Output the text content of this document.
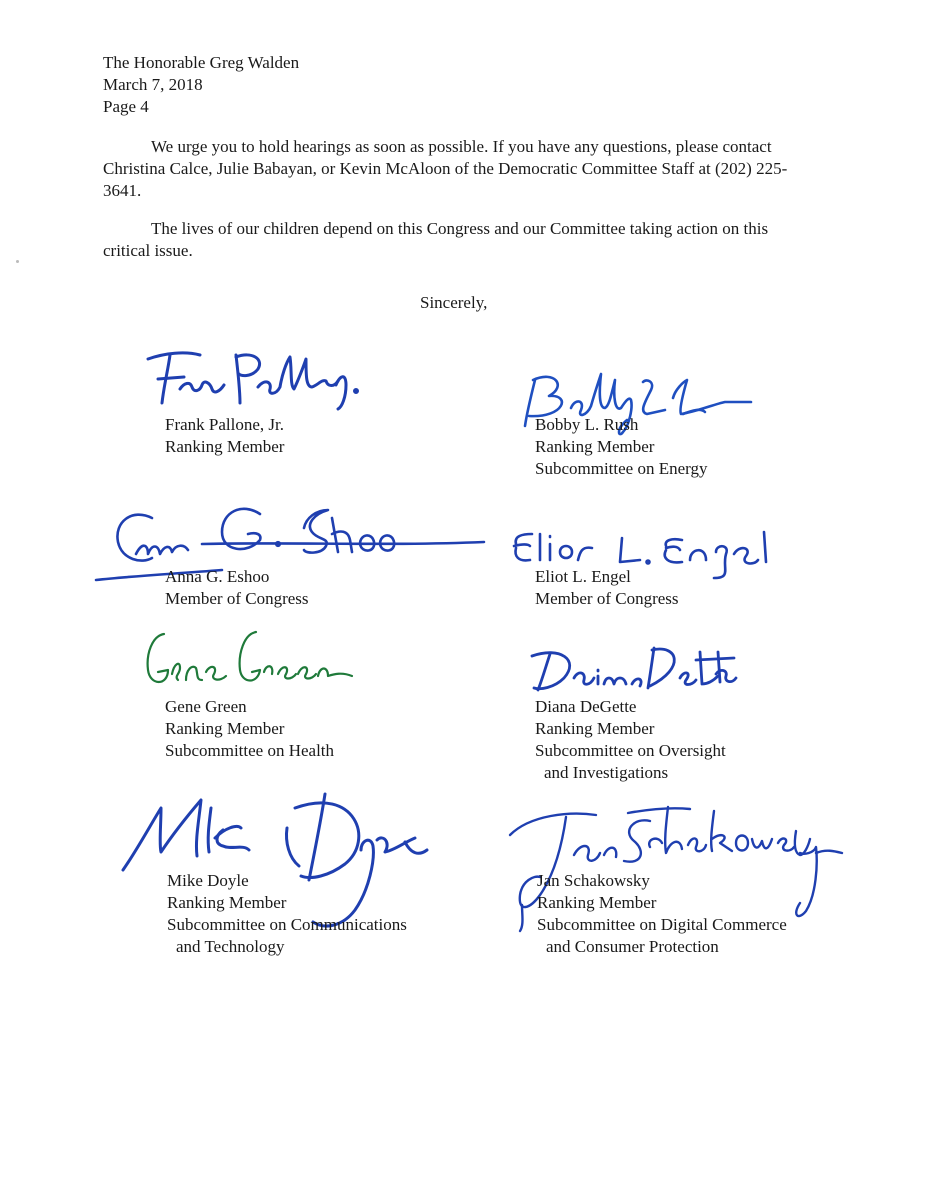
The Honorable Greg Walden
March 7, 2018
Page 4

We urge you to hold hearings as soon as possible. If you have any questions, please contact Christina Calce, Julie Babayan, or Kevin McAloon of the Democratic Committee Staff at (202) 225-3641.

The lives of our children depend on this Congress and our Committee taking action on this critical issue.

Sincerely,
Frank Pallone, Jr.
Ranking Member
Bobby L. Rush
Ranking Member
Subcommittee on Energy
Anna G. Eshoo
Member of Congress
Eliot L. Engel
Member of Congress
Gene Green
Ranking Member
Subcommittee on Health
Diana DeGette
Ranking Member
Subcommittee on Oversight
and Investigations
Mike Doyle
Ranking Member
Subcommittee on Communications
and Technology
Jan Schakowsky
Ranking Member
Subcommittee on Digital Commerce
and Consumer Protection
